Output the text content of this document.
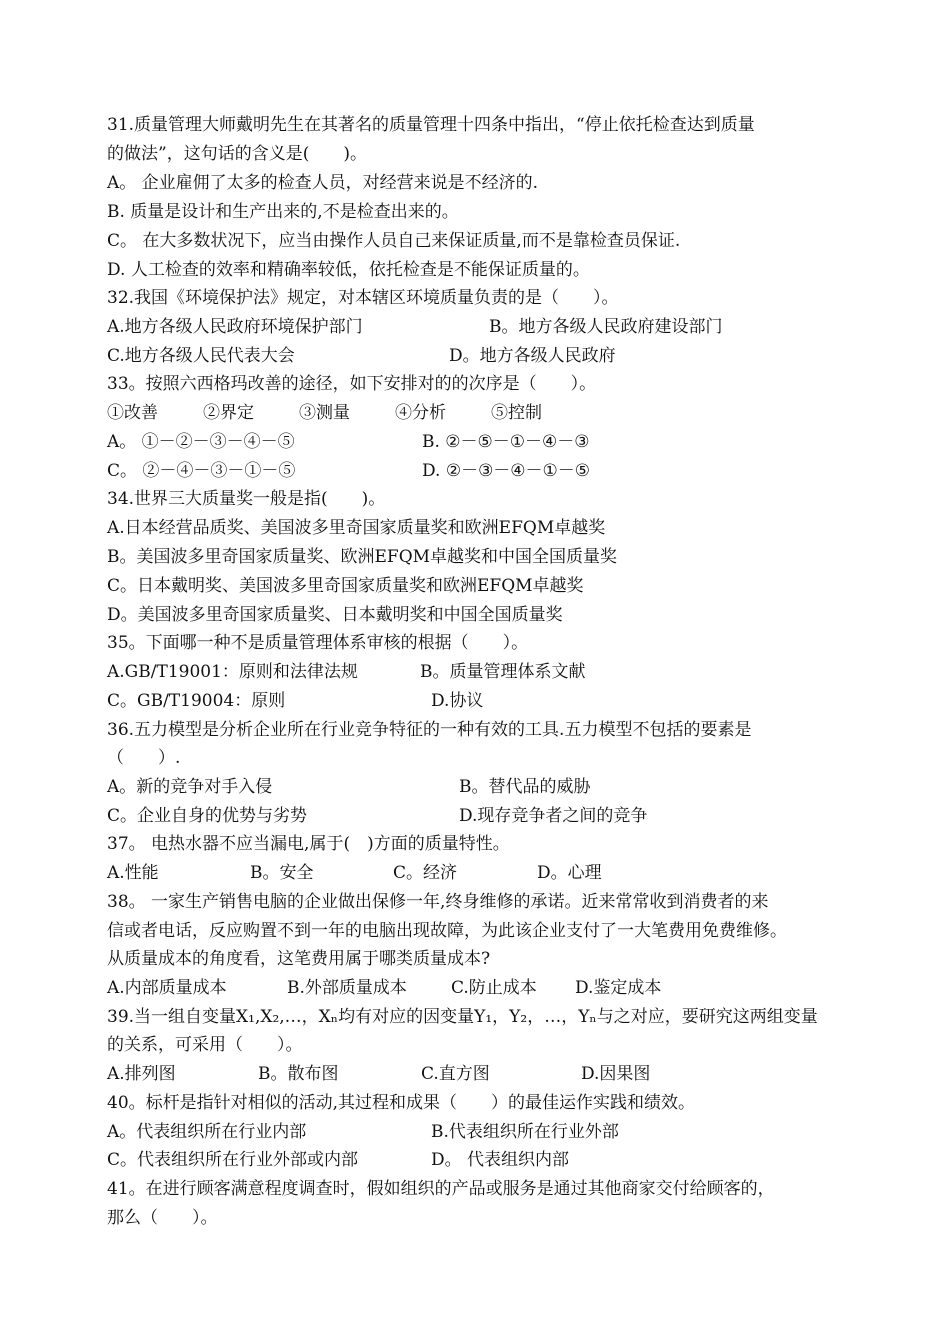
31.质量管理大师戴明先生在其著名的质量管理十四条中指出，“停止依托检查达到质量
的做法”，这句话的含义是(　　)。
A。 企业雇佣了太多的检查人员，对经营来说是不经济的.
B. 质量是设计和生产出来的,不是检查出来的。
C。 在大多数状况下，应当由操作人员自己来保证质量,而不是靠检查员保证.
D. 人工检查的效率和精确率较低，依托检查是不能保证质量的。
32.我国《环境保护法》规定，对本辖区环境质量负责的是（　　）。
A.地方各级人民政府环境保护部门	B。地方各级人民政府建设部门
C.地方各级人民代表大会	D。地方各级人民政府
33。按照六西格玛改善的途径，如下安排对的的次序是（　　）。
①改善	②界定	③测量	④分析	⑤控制
A。 ①－②－③－④－⑤	B. ②－⑤－①－④－③
C。 ②－④－③－①－⑤	D. ②－③－④－①－⑤
34.世界三大质量奖一般是指(　　)。
A.日本经营品质奖、美国波多里奇国家质量奖和欧洲EFQM卓越奖
B。美国波多里奇国家质量奖、欧洲EFQM卓越奖和中国全国质量奖
C。日本戴明奖、美国波多里奇国家质量奖和欧洲EFQM卓越奖
D。美国波多里奇国家质量奖、日本戴明奖和中国全国质量奖
35。下面哪一种不是质量管理体系审核的根据（　　）。
A.GB/T19001：原则和法律法规	B。质量管理体系文献
C。GB/T19004：原则	D.协议
36.五力模型是分析企业所在行业竞争特征的一种有效的工具.五力模型不包括的要素是
（　　）.
A。新的竞争对手入侵	B。替代品的威胁
C。企业自身的优势与劣势	D.现存竞争者之间的竞争
37。 电热水器不应当漏电,属于(　)方面的质量特性。
A.性能	B。安全	C。经济	D。心理
38。 一家生产销售电脑的企业做出保修一年,终身维修的承诺。近来常常收到消费者的来
信或者电话，反应购置不到一年的电脑出现故障，为此该企业支付了一大笔费用免费维修。
从质量成本的角度看，这笔费用属于哪类质量成本?
A.内部质量成本	B.外部质量成本	C.防止成本 D.鉴定成本
39.当一组自变量X₁,X₂,…，Xₙ均有对应的因变量Y₁，Y₂，…，Yₙ与之对应，要研究这两组变量
的关系，可采用（　　）。
A.排列图	B。散布图	C.直方图	D.因果图
40。标杆是指针对相似的活动,其过程和成果（　　）的最佳运作实践和绩效。
A。代表组织所在行业内部	B.代表组织所在行业外部
C。代表组织所在行业外部或内部	D。 代表组织内部
41。在进行顾客满意程度调查时，假如组织的产品或服务是通过其他商家交付给顾客的，
那么（　　）。
